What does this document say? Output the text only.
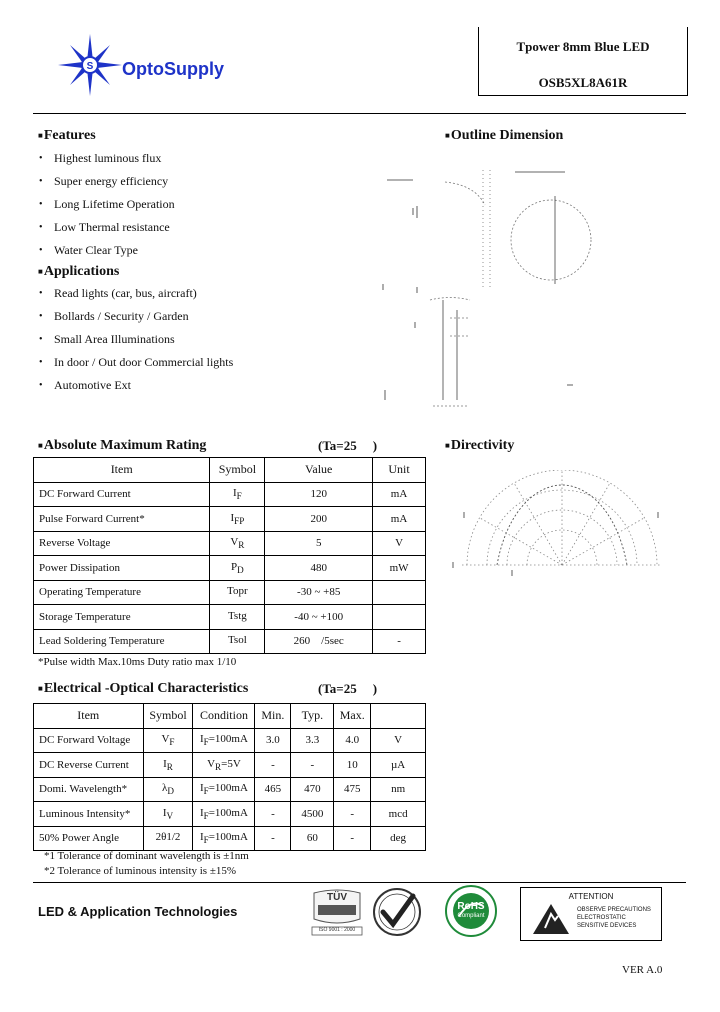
S OptoSupply
Tpower 8mm Blue LED
OSB5XL8A61R
■Features
• Highest luminous flux
• Super energy efficiency
• Long Lifetime Operation
• Low Thermal resistance
• Water Clear Type
■Applications
• Read lights (car, bus, aircraft)
• Bollards / Security / Garden
• Small Area Illuminations
• In door / Out door Commercial lights
• Automotive Ext
■Outline Dimension
■Directivity
■Absolute Maximum Rating	(Ta=25 )
Item	Symbol	Value	Unit
DC Forward Current	$I_F$	120	mA
Pulse Forward Current*	$I_{FP}$	200	mA
Reverse Voltage	$V_R$	5	V
Power Dissipation	$P_D$	480	mW
Operating Temperature	Topr	-30 ~ +85	
Storage Temperature	Tstg	-40 ~ +100	
Lead Soldering Temperature	Tsol	260    /5sec	-
*Pulse width Max.10ms Duty ratio max 1/10
■Electrical -Optical Characteristics	(Ta=25 )
Item	Symbol	Condition	Min.	Typ.	Max.	
DC Forward Voltage	$V_F$	$I_F=100mA$	3.0	3.3	4.0	V
DC Reverse Current	$I_R$	$V_R=5V$	-	-	10	µA
Domi. Wavelength*	$\lambda_D$	$I_F=100mA$	465	470	475	nm
Luminous Intensity*	$I_V$	$I_F=100mA$	-	4500	-	mcd
50% Power Angle	2θ1/2	$I_F=100mA$	-	60	-	deg
*1 Tolerance of dominant wavelength is ±1nm
*2 Tolerance of luminous intensity is ±15%
LED & Application Technologies
TÜV
ISO 9001 : 2000
RoHS
Compliant
ATTENTION
OBSERVE PRECAUTIONS
ELECTROSTATIC
SENSITIVE DEVICES
VER A.0
